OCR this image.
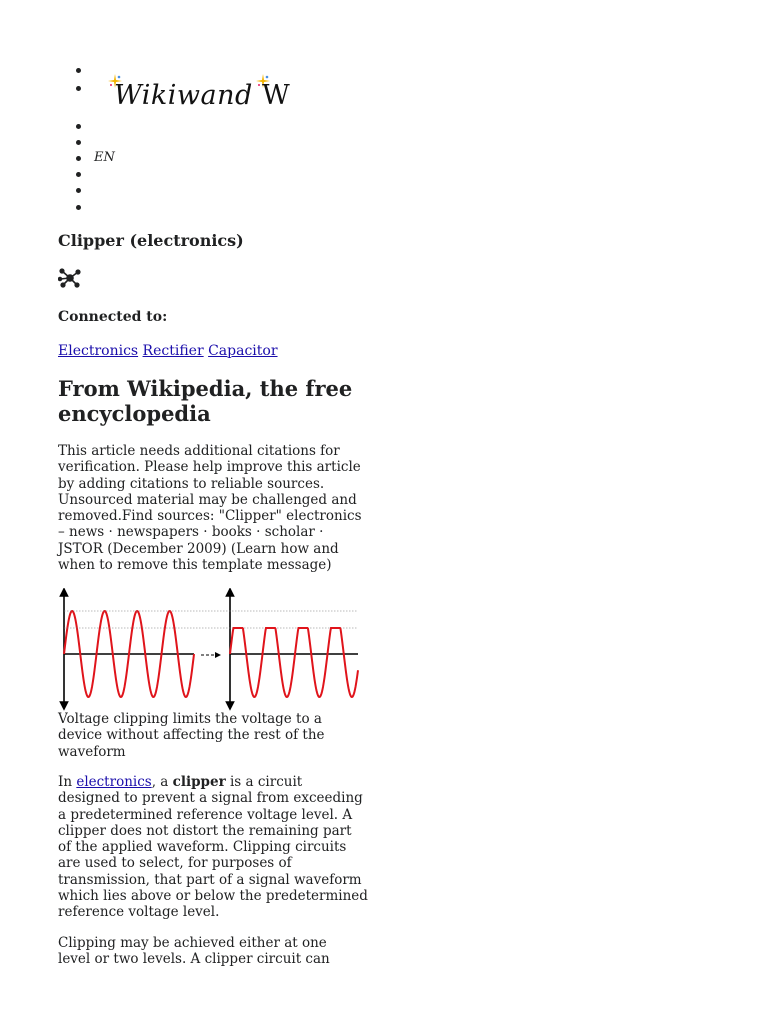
Wikiwand W
EN
Clipper (electronics)

Connected to:

Electronics Rectifier Capacitor
From Wikipedia, the free encyclopedia

This article needs additional citations for verification. Please help improve this article by adding citations to reliable sources. Unsourced material may be challenged and removed.Find sources: "Clipper" electronics – news · newspapers · books · scholar · JSTOR (December 2009) (Learn how and when to remove this template message)

Voltage clipping limits the voltage to a device without affecting the rest of the waveform

In electronics, a clipper is a circuit designed to prevent a signal from exceeding a predetermined reference voltage level. A clipper does not distort the remaining part of the applied waveform. Clipping circuits are used to select, for purposes of transmission, that part of a signal waveform which lies above or below the predetermined reference voltage level.

Clipping may be achieved either at one level or two levels. A clipper circuit can
